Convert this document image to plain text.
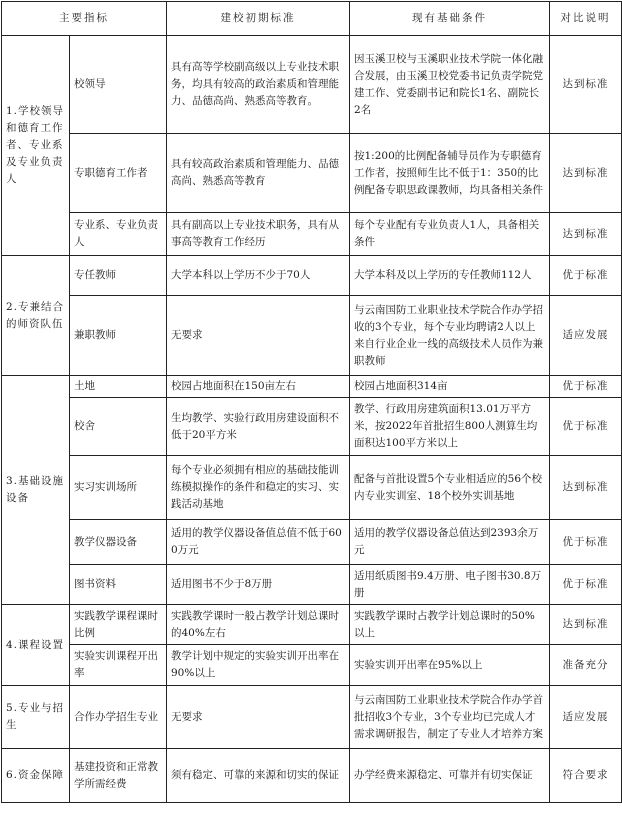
主要指标		建校初期标准	现有基础条件	对比说明
1.学校领导和德育工作者、专业系及专业负责人	校领导	具有高等学校副高级以上专业技术职务，均具有较高的政治素质和管理能力、品德高尚、熟悉高等教育。	因玉溪卫校与玉溪职业技术学院一体化融合发展，由玉溪卫校党委书记负责学院党建工作、党委副书记和院长1名、副院长2名	达到标准
	专职德育工作者	具有较高政治素质和管理能力、品德高尚、熟悉高等教育	按1:200的比例配备辅导员作为专职德育工作者，按照师生比不低于1：350的比例配备专职思政课教师，均具备相关条件	达到标准
	专业系、专业负责人	具有副高以上专业技术职务，具有从事高等教育工作经历	每个专业配有专业负责人1人，具备相关条件	达到标准
2.专兼结合的师资队伍	专任教师	大学本科以上学历不少于70人	大学本科及以上学历的专任教师112人	优于标准
	兼职教师	无要求	与云南国防工业职业技术学院合作办学招收的3个专业，每个专业均聘请2人以上来自行业企业一线的高级技术人员作为兼职教师	适应发展
3.基础设施设备	土地	校园占地面积在150亩左右	校园占地面积314亩	优于标准
	校舍	生均教学、实验行政用房建设面积不低于20平方米	教学、行政用房建筑面积13.01万平方米，按2022年首批招生800人测算生均面积达100平方米以上	优于标准
	实习实训场所	每个专业必须拥有相应的基础技能训练模拟操作的条件和稳定的实习、实践活动基地	配备与首批设置5个专业相适应的56个校内专业实训室、18个校外实训基地	达到标准
	教学仪器设备	适用的教学仪器设备值总值不低于600万元	适用的教学仪器设备总值达到2393余万元	优于标准
	图书资料	适用图书不少于8万册	适用纸质图书9.4万册、电子图书30.8万册	优于标准
4.课程设置	实践教学课程课时比例	实践教学课时一般占教学计划总课时的40%左右	实践教学课时占教学计划总课时的50%以上	达到标准
	实验实训课程开出率	教学计划中规定的实验实训开出率在90%以上	实验实训开出率在95%以上	准备充分
5.专业与招生	合作办学招生专业	无要求	与云南国防工业职业技术学院合作办学首批招收3个专业，3个专业均已完成人才需求调研报告，制定了专业人才培养方案	适应发展
6.资金保障	基建投资和正常教学所需经费	须有稳定、可靠的来源和切实的保证	办学经费来源稳定、可靠并有切实保证	符合要求
